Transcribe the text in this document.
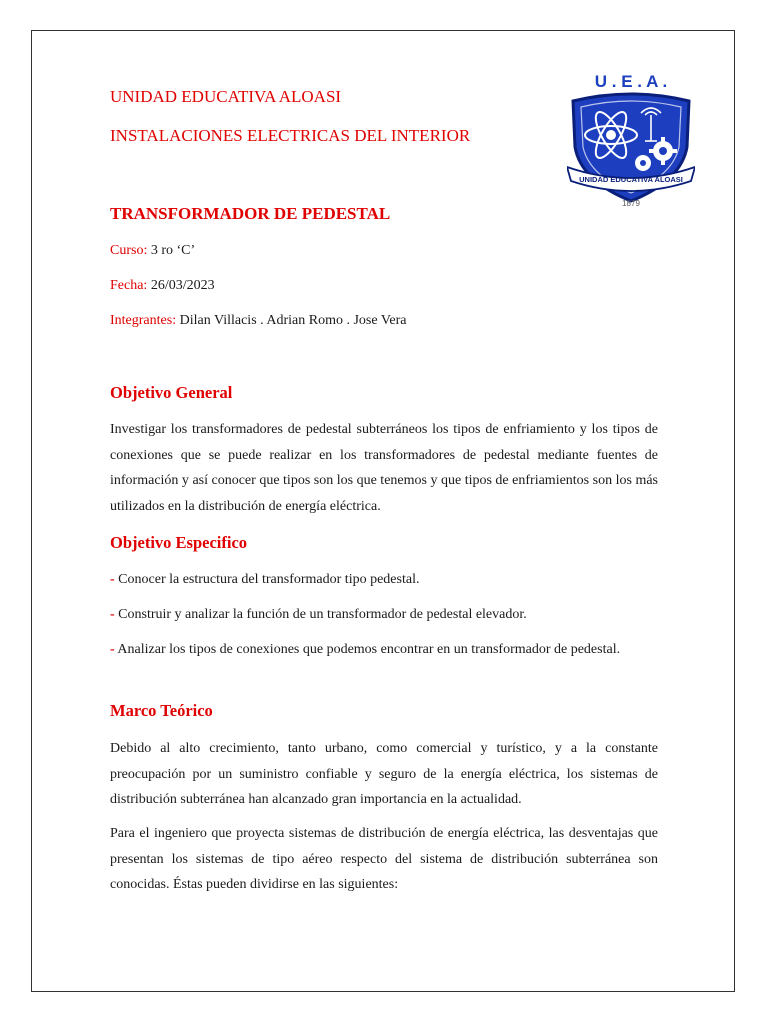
UNIDAD EDUCATIVA ALOASI
INSTALACIONES ELECTRICAS DEL INTERIOR
TRANSFORMADOR DE PEDESTAL
Curso: 3 ro ‘C’
Fecha: 26/03/2023
Integrantes: Dilan Villacis . Adrian Romo . Jose Vera
Objetivo General
Investigar los transformadores de pedestal subterráneos los tipos de enfriamiento y los tipos de conexiones que se puede realizar en los transformadores de pedestal mediante fuentes de información y así conocer que tipos son los que tenemos y que tipos de enfriamientos son los más utilizados en la distribución de energía eléctrica.
Objetivo Especifico
- Conocer la estructura del transformador tipo pedestal.
- Construir y analizar la función de un transformador de pedestal elevador.
- Analizar los tipos de conexiones que podemos encontrar en un transformador de pedestal.
Marco Teórico
Debido al alto crecimiento, tanto urbano, como comercial y turístico, y a la constante preocupación por un suministro confiable y seguro de la energía eléctrica, los sistemas de distribución subterránea han alcanzado gran importancia en la actualidad.
Para el ingeniero que proyecta sistemas de distribución de energía eléctrica, las desventajas que presentan los sistemas de tipo aéreo respecto del sistema de distribución subterránea son conocidas. Éstas pueden dividirse en las siguientes:
U . E . A .
UNIDAD EDUCATIVA ALOASI
1879
